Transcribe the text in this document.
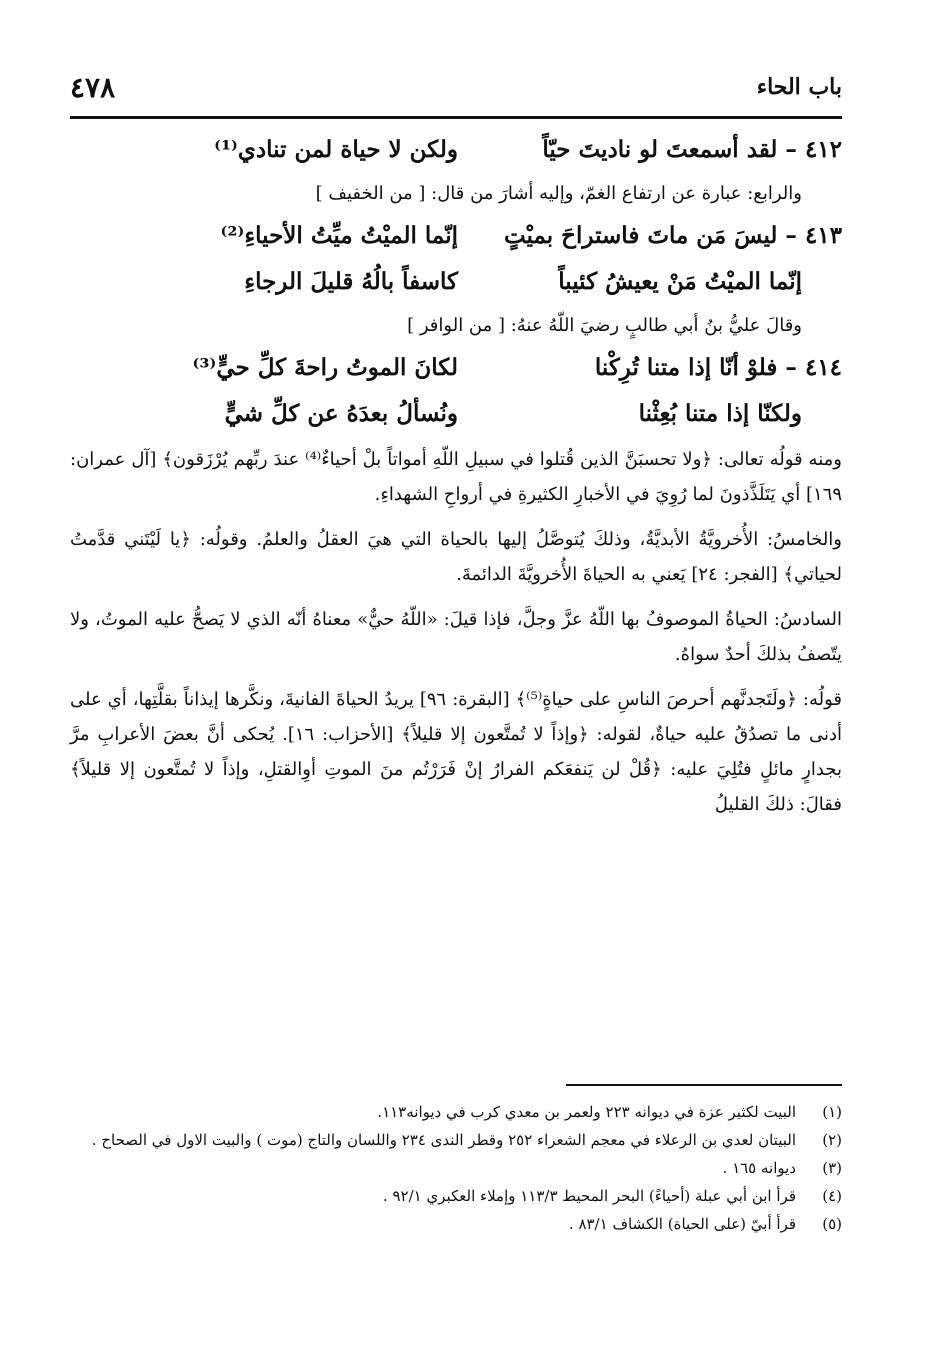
باب الحاء
٤٧٨
٤١٢ – لقد أسمعتَ لو ناديتَ حيّاً
ولكن لا حياة لمن تنادي⁽¹⁾
والرابع: عبارة عن ارتفاع الغمّ، وإليه أشارَ من قال: [ من الخفيف ]
٤١٣ – ليسَ مَن ماتَ فاستراحَ بميْتٍ
إنّما الميْتُ ميِّتُ الأحياءِ⁽²⁾
إنّما الميْتُ مَنْ يعيشُ كئيباً
كاسفاً بالُهُ قليلَ الرجاءِ
وقالَ عليُّ بنُ أبي طالبٍ رضيَ اللّهُ عنهُ: [ من الوافر ]
٤١٤ – فلوْ أنّا إذا متنا تُرِكْنا
لكانَ الموتُ راحةَ كلِّ حيٍّ⁽³⁾
ولكنّا إذا متنا بُعِثْنا
ونُسألُ بعدَهُ عن كلِّ شيٍّ

ومنه قولُه تعالى: ﴿ولا تحسبَنَّ الذين قُتلوا في سبيلِ اللّهِ أمواتاً بلْ أحياءٌ⁽⁴⁾ عندَ ربِّهم يُرْزَقون﴾ [آل عمران: ١٦٩] أي يَتَلَذَّذونَ لما رُوِيَ في الأخبارِ الكثيرةِ في أرواحِ الشهداءِ.

والخامسُ: الأُخرويَّةُ الأبديَّةُ، وذلكَ يُتوصَّلُ إليها بالحياة التي هيَ العقلُ والعلمُ. وقولُه: ﴿يا لَيْتَني قدَّمتُ لحياتي﴾ [الفجر: ٢٤] يَعني به الحياةَ الأُخرويَّةَ الدائمةَ.

السادسُ: الحياةُ الموصوفُ بها اللّهُ عزَّ وجلَّ، فإذا قيلَ: «اللّهُ حيٌّ» معناهُ أنّه الذي لا يَصحُّ عليه الموتُ، ولا يتّصفُ بذلكَ أحدٌ سواهُ.

قولُه: ﴿ولَتَجدنَّهم أحرصَ الناسِ على حياةٍ⁽⁵⁾﴾ [البقرة: ٩٦] يريدُ الحياةَ الفانيةَ، ونكَّرها إيذاناً بقلَّتِها، أي على أدنى ما تصدُقُ عليه حياةٌ، لقوله: ﴿وإذاً لا تُمتَّعون إلا قليلاً﴾ [الأحزاب: ١٦]. يُحكى أنَّ بعضَ الأعرابِ مرَّ بجدارٍ مائلٍ فتُلِيَ عليه: ﴿قُلْ لن يَنفعَكم الفرارُ إنْ فَرَرْتُم منَ الموتِ أوِالقتلِ، وإذاً لا تُمتَّعون إلا قليلاً﴾ فقالَ: ذلكَ القليلُ

(١)
البيت لكثير عزة في ديوانه ٢٢٣ ولعمر بن معدي كرب في ديوانه١١٣.
(٢)
البيتان لعدي بن الرعلاء في معجم الشعراء ٢٥٢ وقطر الندى ٢٣٤ واللسان والتاج (موت ) والبيت الاول في الصحاح .
(٣)
ديوانه ١٦٥ .
(٤)
قرأ ابن أبي عبلة (أحياءً) البحر المحيط ١١٣/٣ وإملاء العكبري ٩٢/١ .
(٥)
قرأ أبيّ (على الحياة) الكشاف ٨٣/١ .
